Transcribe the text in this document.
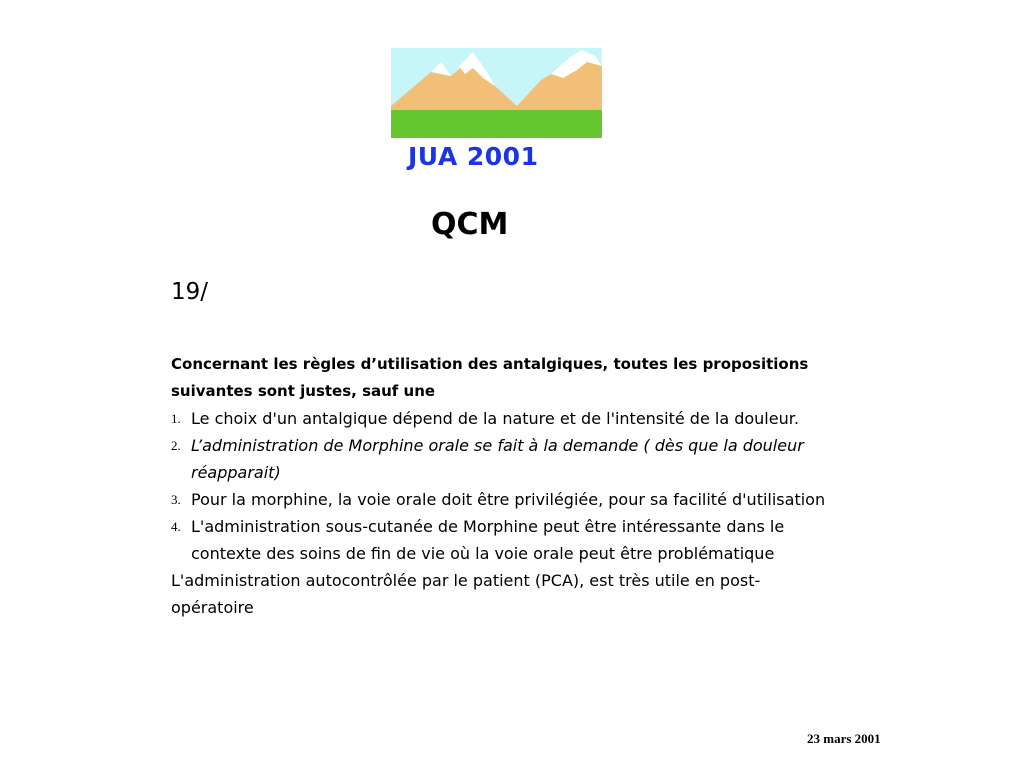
JUA 2001
QCM
19/
Concernant les règles d’utilisation des antalgiques, toutes les propositions
suivantes sont justes, sauf une
1. Le choix d'un antalgique dépend de la nature et de l'intensité de la douleur.
2. L’administration de Morphine orale se fait à la demande ( dès que la douleur
réapparait)
3. Pour la morphine, la voie orale doit être privilégiée, pour sa facilité d'utilisation
4. L'administration sous-cutanée de Morphine peut être intéressante dans le
contexte des soins de fin de vie où la voie orale peut être problématique
L'administration autocontrôlée par le patient (PCA), est très utile en post-
opératoire
23 mars 2001
